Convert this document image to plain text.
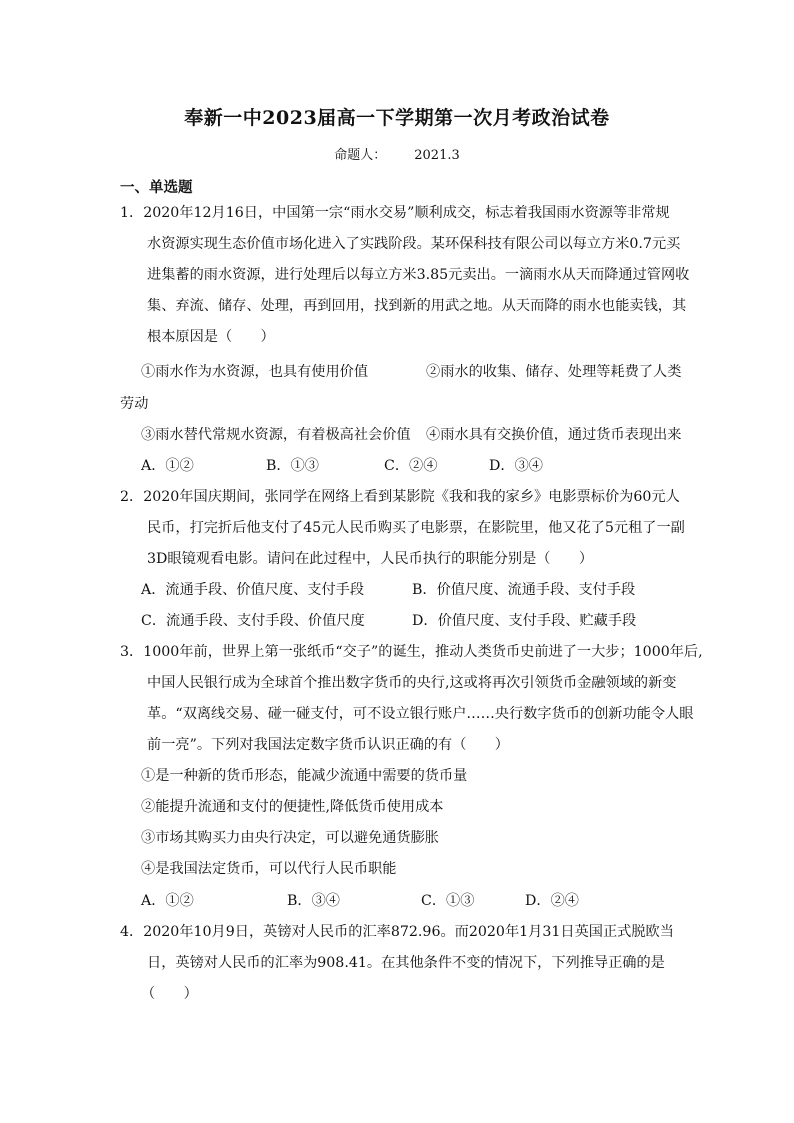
奉新一中2023届高一下学期第一次月考政治试卷
命题人： 2021.3
一、单选题
1．2020年12月16日，中国第一宗“雨水交易”顺利成交，标志着我国雨水资源等非常规
水资源实现生态价值市场化进入了实践阶段。某环保科技有限公司以每立方米0.7元买
进集蓄的雨水资源，进行处理后以每立方米3.85元卖出。一滴雨水从天而降通过管网收
集、弃流、储存、处理，再到回用，找到新的用武之地。从天而降的雨水也能卖钱，其
根本原因是（　　）
①雨水作为水资源，也具有使用价值	②雨水的收集、储存、处理等耗费了人类
劳动
③雨水替代常规水资源，有着极高社会价值 ④雨水具有交换价值，通过货币表现出来
A．①②	B．①③	C．②④	D．③④
2．2020年国庆期间，张同学在网络上看到某影院《我和我的家乡》电影票标价为60元人
民币，打完折后他支付了45元人民币购买了电影票，在影院里，他又花了5元租了一副
3D眼镜观看电影。请问在此过程中，人民币执行的职能分别是（　　）
A．流通手段、价值尺度、支付手段	B．价值尺度、流通手段、支付手段
C．流通手段、支付手段、价值尺度	D．价值尺度、支付手段、贮藏手段
3．1000年前，世界上第一张纸币“交子”的诞生，推动人类货币史前进了一大步；1000年后,
中国人民银行成为全球首个推出数字货币的央行,这或将再次引领货币金融领域的新变
革。“双离线交易、碰一碰支付，可不设立银行账户……央行数字货币的创新功能令人眼
前一亮”。下列对我国法定数字货币认识正确的有（　　）
①是一种新的货币形态，能减少流通中需要的货币量
②能提升流通和支付的便捷性,降低货币使用成本
③市场其购买力由央行决定，可以避免通货膨胀
④是我国法定货币，可以代行人民币职能
A．①②	B．③④	C．①③	D．②④
4．2020年10月9日，英镑对人民币的汇率872.96。而2020年1月31日英国正式脱欧当
日，英镑对人民币的汇率为908.41。在其他条件不变的情况下，下列推导正确的是
（　　）
